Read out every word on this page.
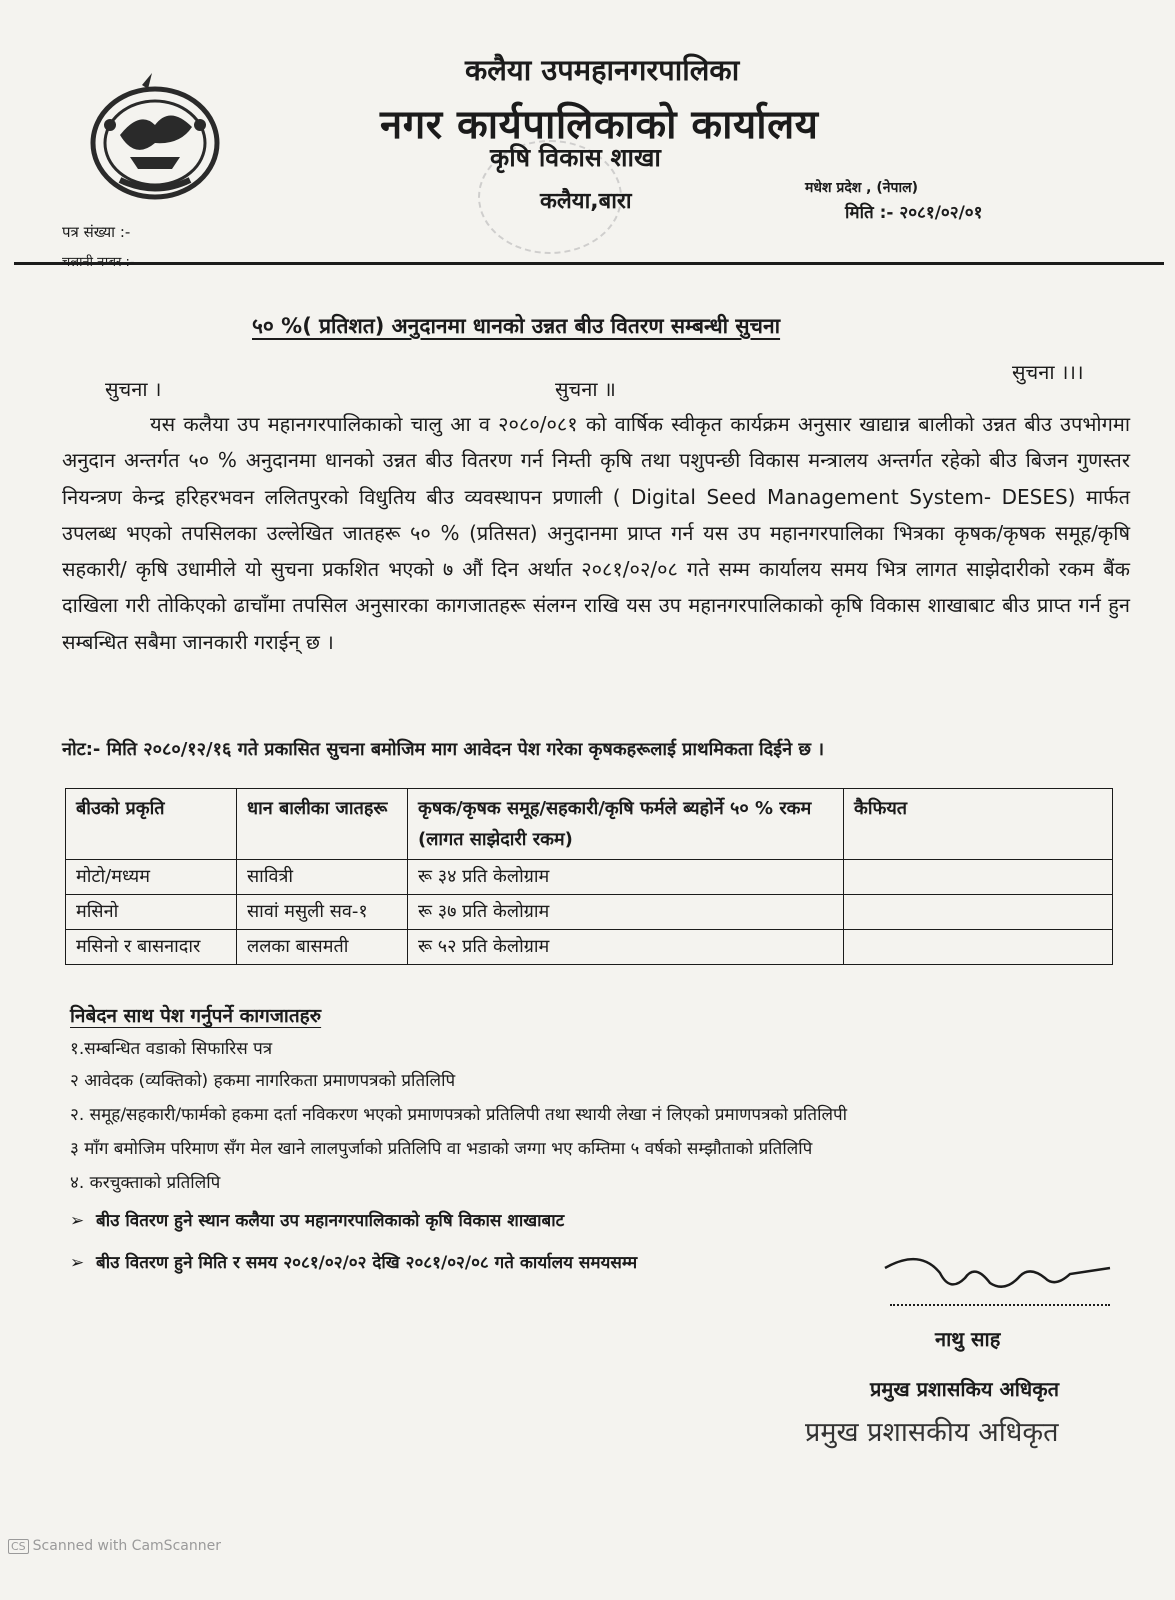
कलैया उपमहानगरपालिका
नगर कार्यपालिकाको कार्यालय
कृषि विकास शाखा
कलैया,बारा
मधेश प्रदेश , (नेपाल)
मिति :- २०८१/०२/०१
पत्र संख्या :-
५० %( प्रतिशत) अनुदानमा धानको उन्नत बीउ वितरण सम्बन्धी सुचना
सुचना ।	सुचना ॥
सुचना ।।।
यस कलैया उप महानगरपालिकाको चालु आ व २०८०/०८१ को वार्षिक स्वीकृत कार्यक्रम अनुसार खाद्यान्न बालीको उन्नत बीउ उपभोगमा अनुदान अन्तर्गत ५० % अनुदानमा धानको उन्नत बीउ वितरण गर्न निम्ती कृषि तथा पशुपन्छी विकास मन्त्रालय अन्तर्गत रहेको बीउ बिजन गुणस्तर नियन्त्रण केन्द्र हरिहरभवन ललितपुरको विधुतिय बीउ व्यवस्थापन प्रणाली ( Digital Seed Management System- DESES) मार्फत उपलब्ध भएको तपसिलका उल्लेखित जातहरू ५० % (प्रतिसत) अनुदानमा प्राप्त गर्न यस उप महानगरपालिका भित्रका कृषक/कृषक समूह/कृषि सहकारी/ कृषि उधामीले यो सुचना प्रकशित भएको ७ औं दिन अर्थात २०८१/०२/०८ गते सम्म कार्यालय समय भित्र लागत साझेदारीको रकम बैंक दाखिला गरी तोकिएको ढाचाँमा तपसिल अनुसारका कागजातहरू संलग्न राखि यस उप महानगरपालिकाको कृषि विकास शाखाबाट बीउ प्राप्त गर्न हुन सम्बन्धित सबैमा जानकारी गराईन् छ ।
नोट:- मिति २०८०/१२/१६ गते प्रकासित सुचना बमोजिम माग आवेदन पेश गरेका कृषकहरूलाई प्राथमिकता दिईने छ ।
बीउको प्रकृति	धान बालीका जातहरू	कृषक/कृषक समूह/सहकारी/कृषि फर्मले ब्यहोर्ने ५० % रकम (लागत साझेदारी रकम)	कैफियत
मोटो/मध्यम	सावित्री	रू ३४ प्रति केलोग्राम	
मसिनो	सावां मसुली सव-१	रू ३७ प्रति केलोग्राम	
मसिनो र बासनादार	ललका बासमती	रू ५२ प्रति केलोग्राम	
निबेदन साथ पेश गर्नुपर्ने कागजातहरु
१.सम्बन्धित वडाको सिफारिस पत्र
२ आवेदक (व्यक्तिको) हकमा नागरिकता प्रमाणपत्रको प्रतिलिपि
२. समूह/सहकारी/फार्मको हकमा दर्ता नविकरण भएको प्रमाणपत्रको प्रतिलिपी तथा स्थायी लेखा नं लिएको प्रमाणपत्रको प्रतिलिपी
३ माँग बमोजिम परिमाण सँग मेल खाने लालपुर्जाको प्रतिलिपि वा भडाको जग्गा भए कम्तिमा ५ वर्षको सम्झौताको प्रतिलिपि
४. करचुक्ताको प्रतिलिपि
➢ बीउ वितरण हुने स्थान कलैया उप महानगरपालिकाको कृषि विकास शाखाबाट
➢ बीउ वितरण हुने मिति र समय २०८१/०२/०२ देखि २०८१/०२/०८ गते कार्यालय समयसम्म
नाथु साह
प्रमुख प्रशासकिय अधिकृत
प्रमुख प्रशासकीय अधिकृत
CS Scanned with CamScanner
